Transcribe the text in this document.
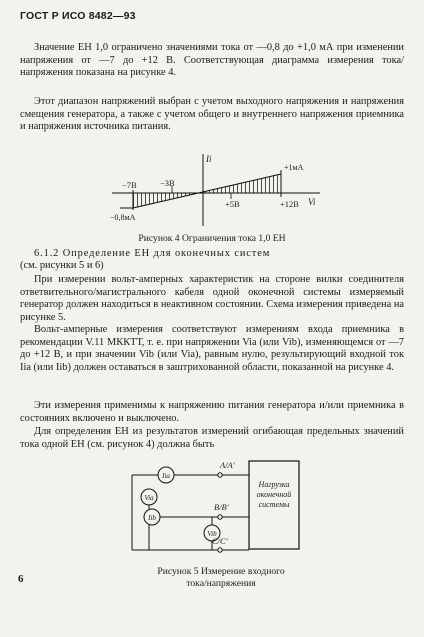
ГОСТ Р ИСО 8482—93
Значение EH 1,0 ограничено значениями тока от —0,8 до +1,0 мА при изменении напряжения от —7 до +12 В. Соответствующая диаграмма измерения тока/напряжения показана на рисунке 4.
Этот диапазон напряжений выбран с учетом выходного напряжения и напряжения смещения генератора, а также с учетом общего и внутреннего напряжения приемника и напряжения источника питания.
Ii
+1мА
−7В	−3В
+5В	+12В Vi
−0,8мА
Рисунок 4 Ограничения тока 1,0 EH
6.1.2 Определение EH для оконечных систем
(см. рисунки 5 и 6)
При измерении вольт-амперных характеристик на стороне вилки соединителя ответвительного/магистрального кабеля одной оконечной системы измеряемый генератор должен находиться в неактивном состоянии. Схема измерения приведена на рисунке 5.
Вольт-амперные измерения соответствуют измерениям входа приемника в рекомендации V.11 МККТТ, т. е. при напряжении Via (или Vib), изменяющемся от —7 до +12 В, и при значении Vib (или Via), равным нулю, результирующий входной ток Iia (или Iib) должен оставаться в заштрихованной области, показанной на рисунке 4.
Эти измерения применимы к напряжению питания генератора и/или приемника в состояниях включено и выключено.
Для определения EH из результатов измерений огибающая предельных значений тока одной EH (см. рисунок 4) должна быть
Нагрузка
оконечной
системы
Iia
Via
Iib
Vib
A/A'
B/B'
C/C'
Рисунок 5 Измерение входного
тока/напряжения
6
